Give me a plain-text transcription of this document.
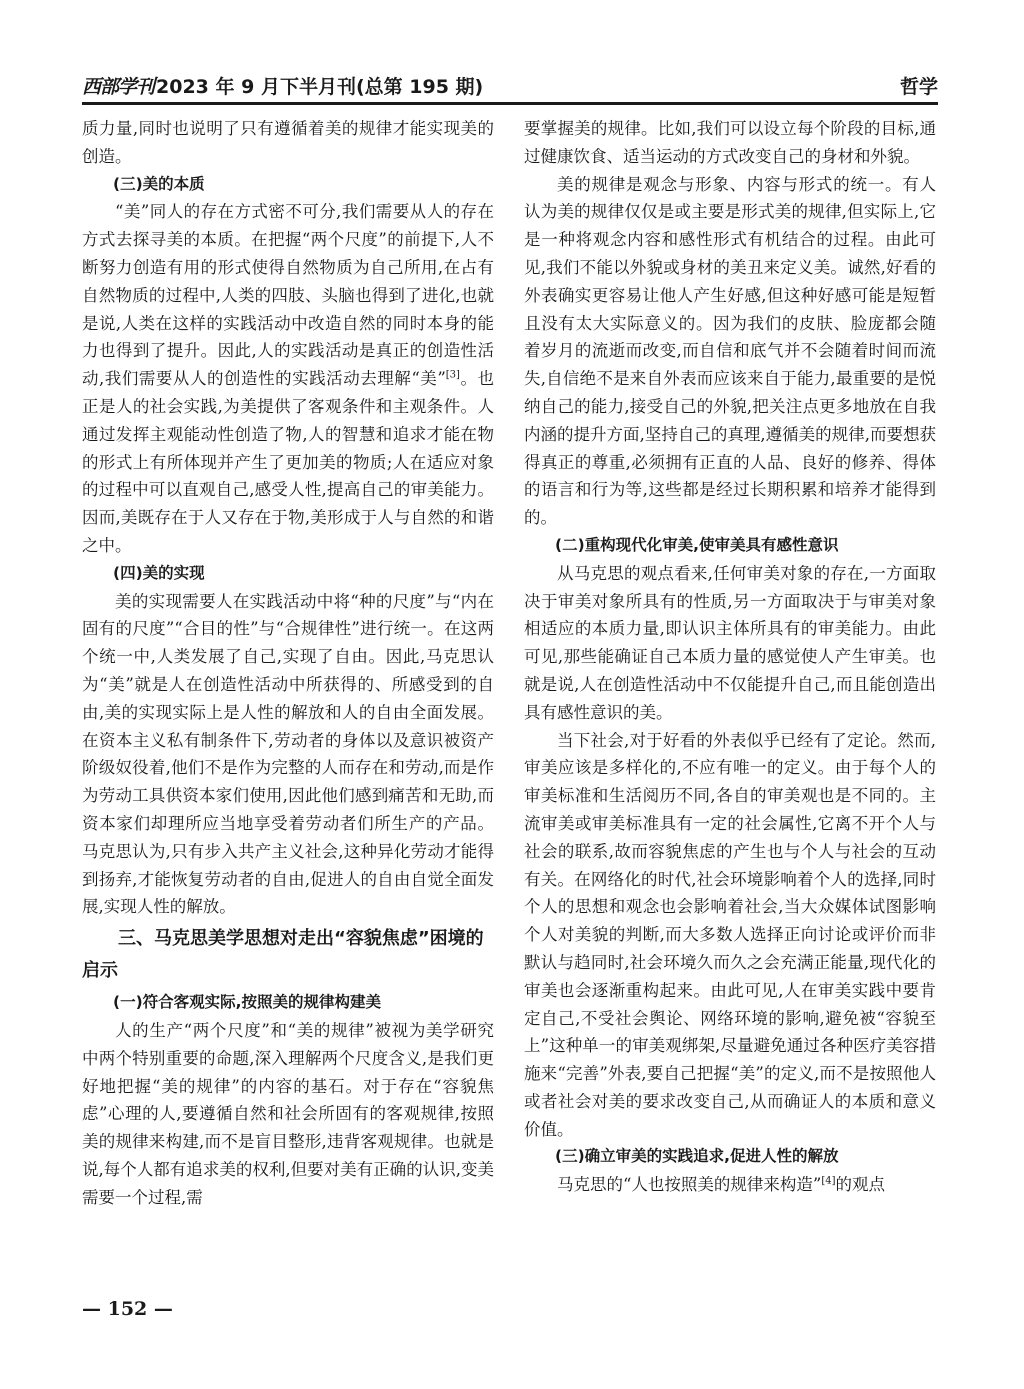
西部学刊 2023 年 9 月下半月刊(总第 195 期)	哲学

质力量,同时也说明了只有遵循着美的规律才能实现美的创造。

(三)美的本质

“美”同人的存在方式密不可分,我们需要从人的存在方式去探寻美的本质。在把握“两个尺度”的前提下,人不断努力创造有用的形式使得自然物质为自己所用,在占有自然物质的过程中,人类的四肢、头脑也得到了进化,也就是说,人类在这样的实践活动中改造自然的同时本身的能力也得到了提升。因此,人的实践活动是真正的创造性活动,我们需要从人的创造性的实践活动去理解“美”[3]。也正是人的社会实践,为美提供了客观条件和主观条件。人通过发挥主观能动性创造了物,人的智慧和追求才能在物的形式上有所体现并产生了更加美的物质;人在适应对象的过程中可以直观自己,感受人性,提高自己的审美能力。因而,美既存在于人又存在于物,美形成于人与自然的和谐之中。

(四)美的实现

美的实现需要人在实践活动中将“种的尺度”与“内在固有的尺度”“合目的性”与“合规律性”进行统一。在这两个统一中,人类发展了自己,实现了自由。因此,马克思认为“美”就是人在创造性活动中所获得的、所感受到的自由,美的实现实际上是人性的解放和人的自由全面发展。在资本主义私有制条件下,劳动者的身体以及意识被资产阶级奴役着,他们不是作为完整的人而存在和劳动,而是作为劳动工具供资本家们使用,因此他们感到痛苦和无助,而资本家们却理所应当地享受着劳动者们所生产的产品。马克思认为,只有步入共产主义社会,这种异化劳动才能得到扬弃,才能恢复劳动者的自由,促进人的自由自觉全面发展,实现人性的解放。

三、马克思美学思想对走出“容貌焦虑”困境的启示
(一)符合客观实际,按照美的规律构建美

人的生产“两个尺度”和“美的规律”被视为美学研究中两个特别重要的命题,深入理解两个尺度含义,是我们更好地把握“美的规律”的内容的基石。对于存在“容貌焦虑”心理的人,要遵循自然和社会所固有的客观规律,按照美的规律来构建,而不是盲目整形,违背客观规律。也就是说,每个人都有追求美的权利,但要对美有正确的认识,变美需要一个过程,需

要掌握美的规律。比如,我们可以设立每个阶段的目标,通过健康饮食、适当运动的方式改变自己的身材和外貌。

美的规律是观念与形象、内容与形式的统一。有人认为美的规律仅仅是或主要是形式美的规律,但实际上,它是一种将观念内容和感性形式有机结合的过程。由此可见,我们不能以外貌或身材的美丑来定义美。诚然,好看的外表确实更容易让他人产生好感,但这种好感可能是短暂且没有太大实际意义的。因为我们的皮肤、脸庞都会随着岁月的流逝而改变,而自信和底气并不会随着时间而流失,自信绝不是来自外表而应该来自于能力,最重要的是悦纳自己的能力,接受自己的外貌,把关注点更多地放在自我内涵的提升方面,坚持自己的真理,遵循美的规律,而要想获得真正的尊重,必须拥有正直的人品、良好的修养、得体的语言和行为等,这些都是经过长期积累和培养才能得到的。

(二)重构现代化审美,使审美具有感性意识

从马克思的观点看来,任何审美对象的存在,一方面取决于审美对象所具有的性质,另一方面取决于与审美对象相适应的本质力量,即认识主体所具有的审美能力。由此可见,那些能确证自己本质力量的感觉使人产生审美。也就是说,人在创造性活动中不仅能提升自己,而且能创造出具有感性意识的美。

当下社会,对于好看的外表似乎已经有了定论。然而,审美应该是多样化的,不应有唯一的定义。由于每个人的审美标准和生活阅历不同,各自的审美观也是不同的。主流审美或审美标准具有一定的社会属性,它离不开个人与社会的联系,故而容貌焦虑的产生也与个人与社会的互动有关。在网络化的时代,社会环境影响着个人的选择,同时个人的思想和观念也会影响着社会,当大众媒体试图影响个人对美貌的判断,而大多数人选择正向讨论或评价而非默认与趋同时,社会环境久而久之会充满正能量,现代化的审美也会逐渐重构起来。由此可见,人在审美实践中要肯定自己,不受社会舆论、网络环境的影响,避免被“容貌至上”这种单一的审美观绑架,尽量避免通过各种医疗美容措施来“完善”外表,要自己把握“美”的定义,而不是按照他人或者社会对美的要求改变自己,从而确证人的本质和意义价值。

(三)确立审美的实践追求,促进人性的解放

马克思的“人也按照美的规律来构造”[4]的观点

— 152 —
